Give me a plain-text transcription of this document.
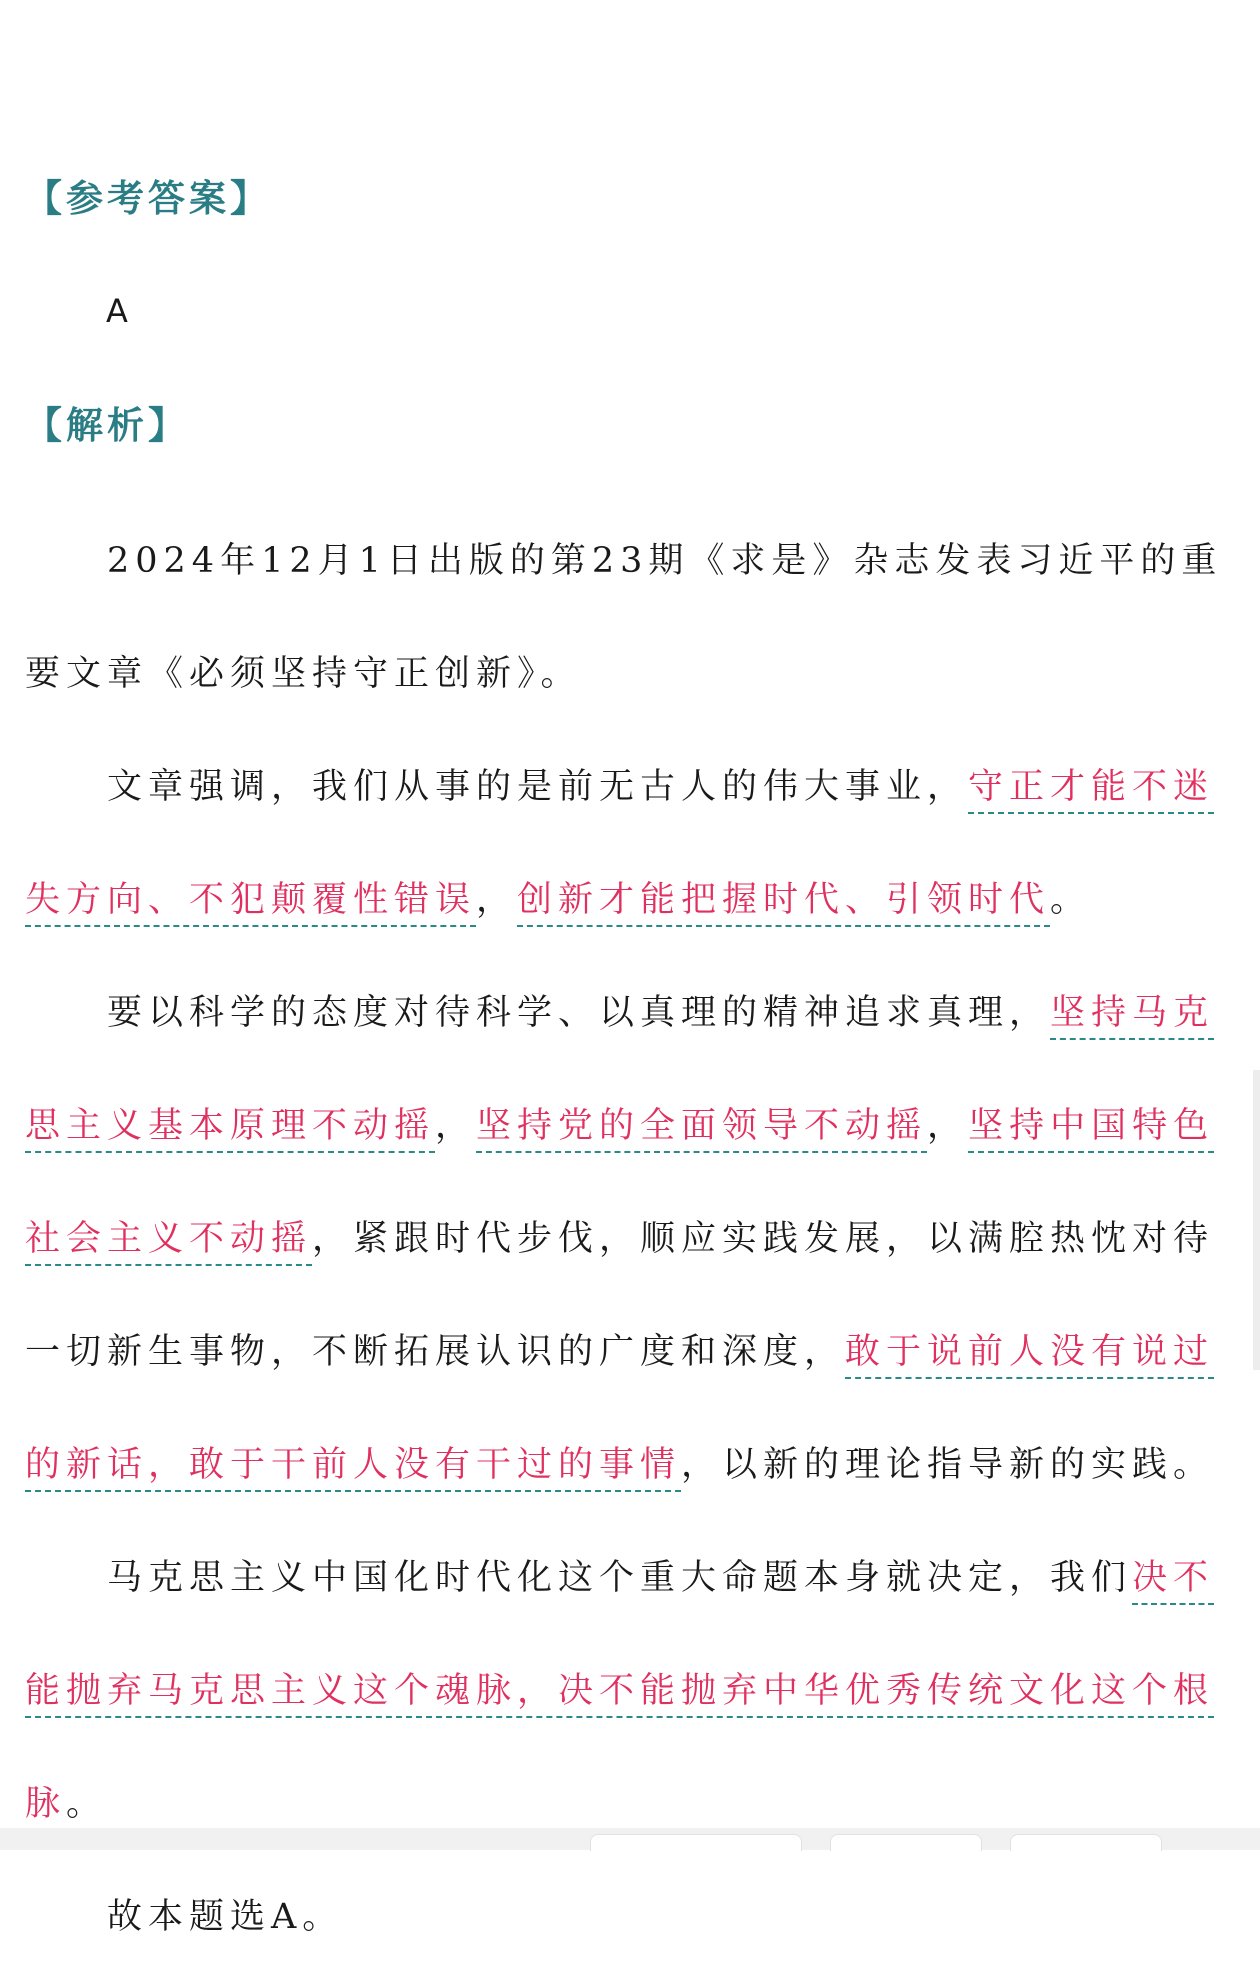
【参考答案】
A
【解析】

2024年12月1日出版的第23期《求是》杂志发表习近平的重要文章《必须坚持守正创新》。

文章强调，我们从事的是前无古人的伟大事业，守正才能不迷失方向、不犯颠覆性错误，创新才能把握时代、引领时代。

要以科学的态度对待科学、以真理的精神追求真理，坚持马克思主义基本原理不动摇，坚持党的全面领导不动摇，坚持中国特色社会主义不动摇，紧跟时代步伐，顺应实践发展，以满腔热忱对待一切新生事物，不断拓展认识的广度和深度，敢于说前人没有说过的新话，敢于干前人没有干过的事情，以新的理论指导新的实践。

马克思主义中国化时代化这个重大命题本身就决定，我们决不能抛弃马克思主义这个魂脉，决不能抛弃中华优秀传统文化这个根脉。

故本题选A。
